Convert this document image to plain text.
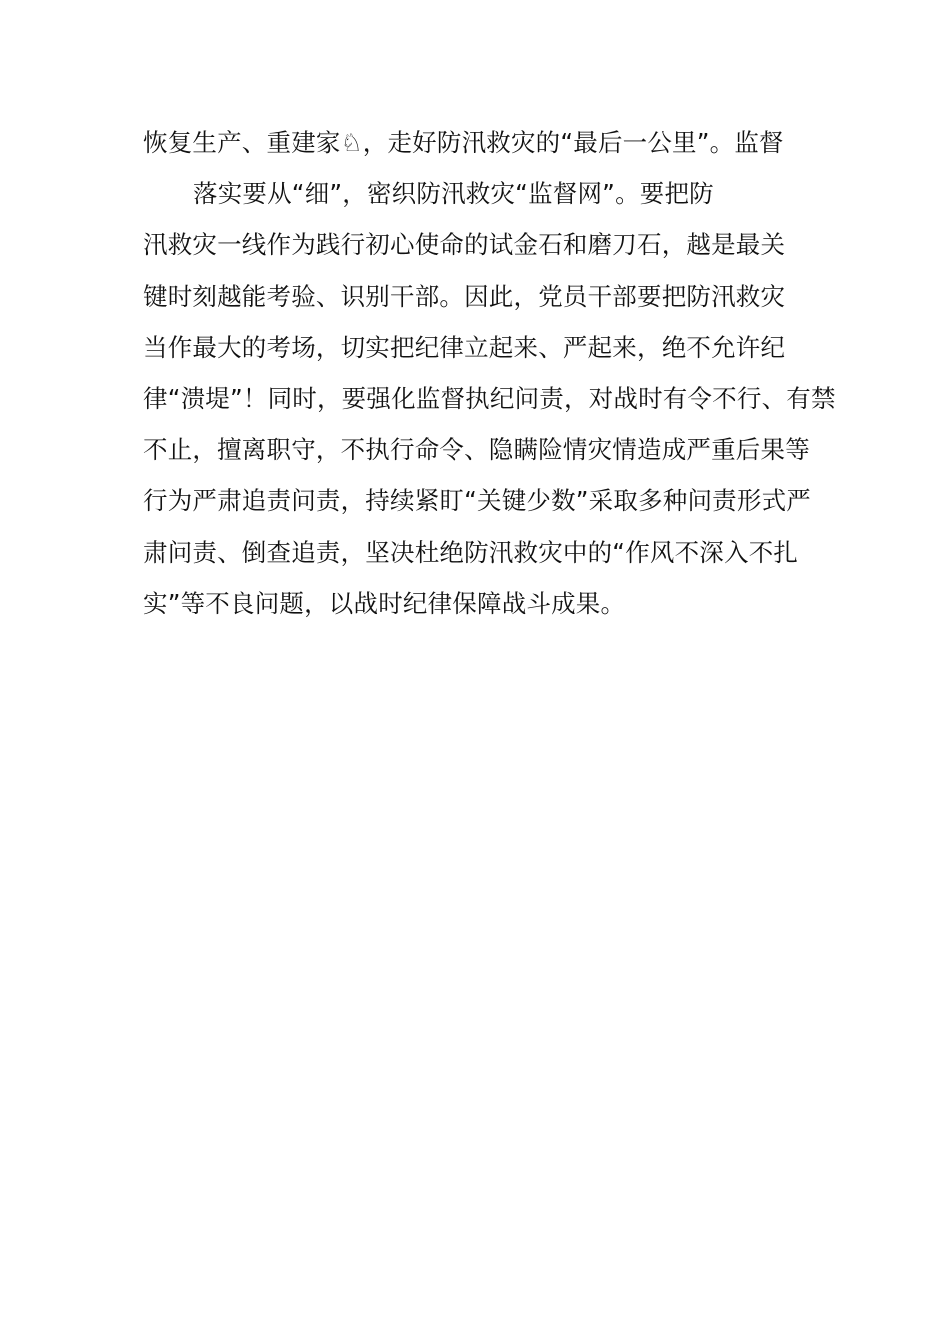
恢复生产、重建家♘，走好防汛救灾的“最后一公里”。监督
落实要从“细”，密织防汛救灾“监督网”。要把防
汛救灾一线作为践行初心使命的试金石和磨刀石，越是最关
键时刻越能考验、识别干部。因此，党员干部要把防汛救灾
当作最大的考场，切实把纪律立起来、严起来，绝不允许纪
律“溃堤”！同时，要强化监督执纪问责，对战时有令不行、有禁
不止，擅离职守，不执行命令、隐瞒险情灾情造成严重后果等
行为严肃追责问责，持续紧盯“关键少数”采取多种问责形式严
肃问责、倒查追责，坚决杜绝防汛救灾中的“作风不深入不扎
实”等不良问题，以战时纪律保障战斗成果。
